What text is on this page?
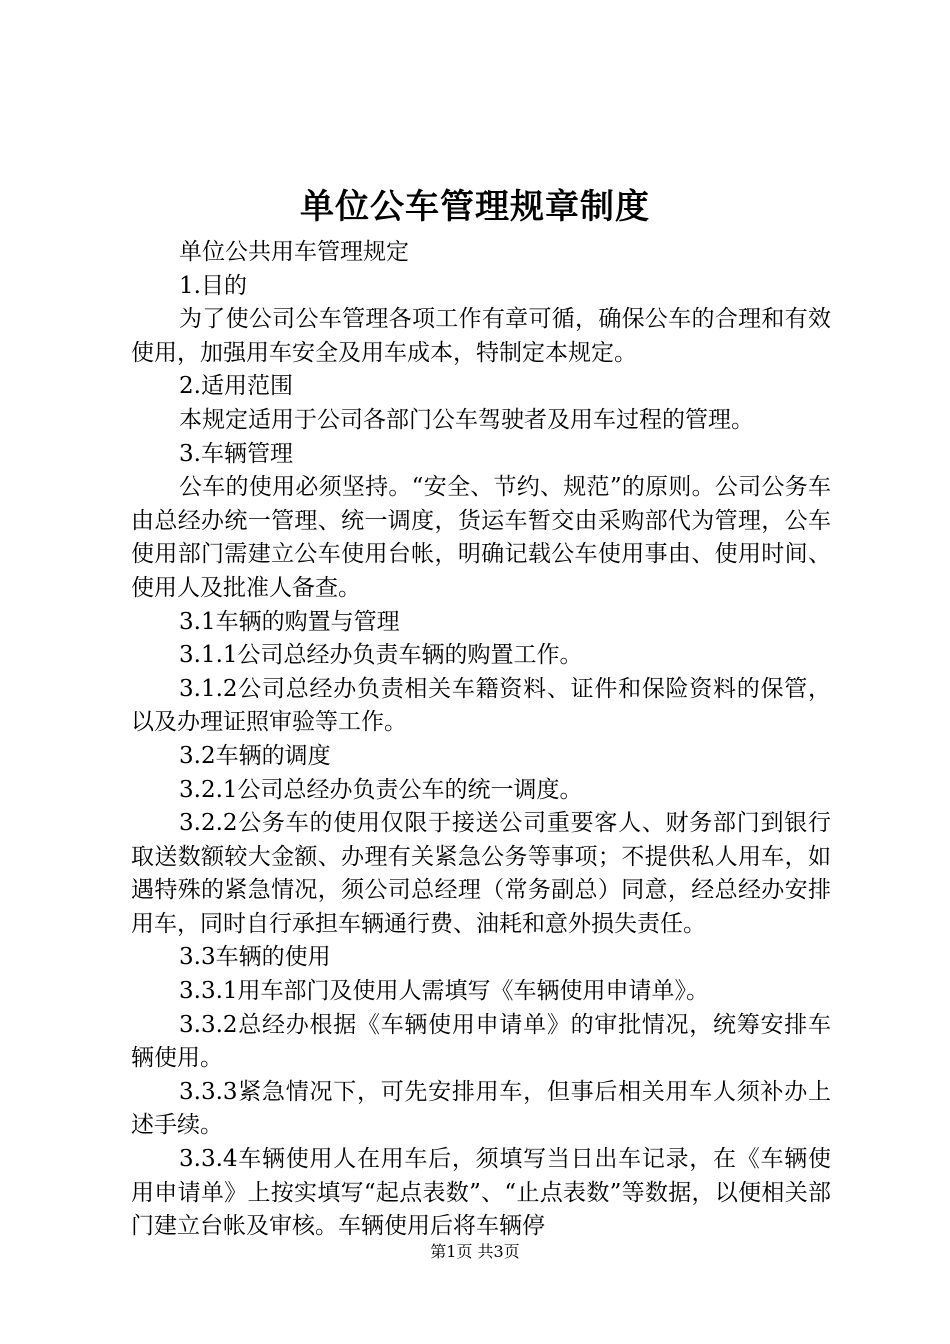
单位公车管理规章制度

单位公共用车管理规定

1.目的

为了使公司公车管理各项工作有章可循，确保公车的合理和有效使用，加强用车安全及用车成本，特制定本规定。

2.适用范围

本规定适用于公司各部门公车驾驶者及用车过程的管理。

3.车辆管理

公车的使用必须坚持。“安全、节约、规范”的原则。公司公务车由总经办统一管理、统一调度，货运车暂交由采购部代为管理，公车使用部门需建立公车使用台帐，明确记载公车使用事由、使用时间、使用人及批准人备查。

3.1车辆的购置与管理

3.1.1公司总经办负责车辆的购置工作。

3.1.2公司总经办负责相关车籍资料、证件和保险资料的保管，以及办理证照审验等工作。

3.2车辆的调度

3.2.1公司总经办负责公车的统一调度。

3.2.2公务车的使用仅限于接送公司重要客人、财务部门到银行取送数额较大金额、办理有关紧急公务等事项；不提供私人用车，如遇特殊的紧急情况，须公司总经理（常务副总）同意，经总经办安排用车，同时自行承担车辆通行费、油耗和意外损失责任。

3.3车辆的使用

3.3.1用车部门及使用人需填写《车辆使用申请单》。

3.3.2总经办根据《车辆使用申请单》的审批情况，统筹安排车辆使用。

3.3.3紧急情况下，可先安排用车，但事后相关用车人须补办上述手续。

3.3.4车辆使用人在用车后，须填写当日出车记录，在《车辆使用申请单》上按实填写“起点表数”、“止点表数”等数据，以便相关部门建立台帐及审核。车辆使用后将车辆停

第1页 共3页
